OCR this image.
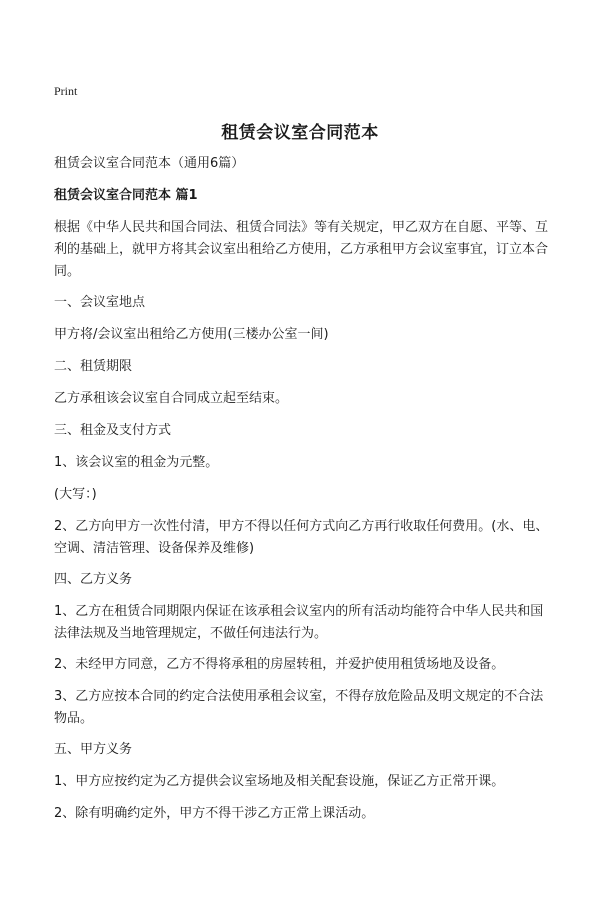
Print
租赁会议室合同范本
租赁会议室合同范本（通用6篇）
租赁会议室合同范本 篇1
根据《中华人民共和国合同法、租赁合同法》等有关规定，甲乙双方在自愿、平等、互利的基础上，就甲方将其会议室出租给乙方使用，乙方承租甲方会议室事宜，订立本合同。
一、会议室地点
甲方将/会议室出租给乙方使用(三楼办公室一间)
二、租赁期限
乙方承租该会议室自合同成立起至结束。
三、租金及支付方式
1、该会议室的租金为元整。
(大写：)
2、乙方向甲方一次性付清，甲方不得以任何方式向乙方再行收取任何费用。(水、电、空调、清洁管理、设备保养及维修)
四、乙方义务
1、乙方在租赁合同期限内保证在该承租会议室内的所有活动均能符合中华人民共和国法律法规及当地管理规定，不做任何违法行为。
2、未经甲方同意，乙方不得将承租的房屋转租，并爱护使用租赁场地及设备。
3、乙方应按本合同的约定合法使用承租会议室，不得存放危险品及明文规定的不合法物品。
五、甲方义务
1、甲方应按约定为乙方提供会议室场地及相关配套设施，保证乙方正常开课。
2、除有明确约定外，甲方不得干涉乙方正常上课活动。
